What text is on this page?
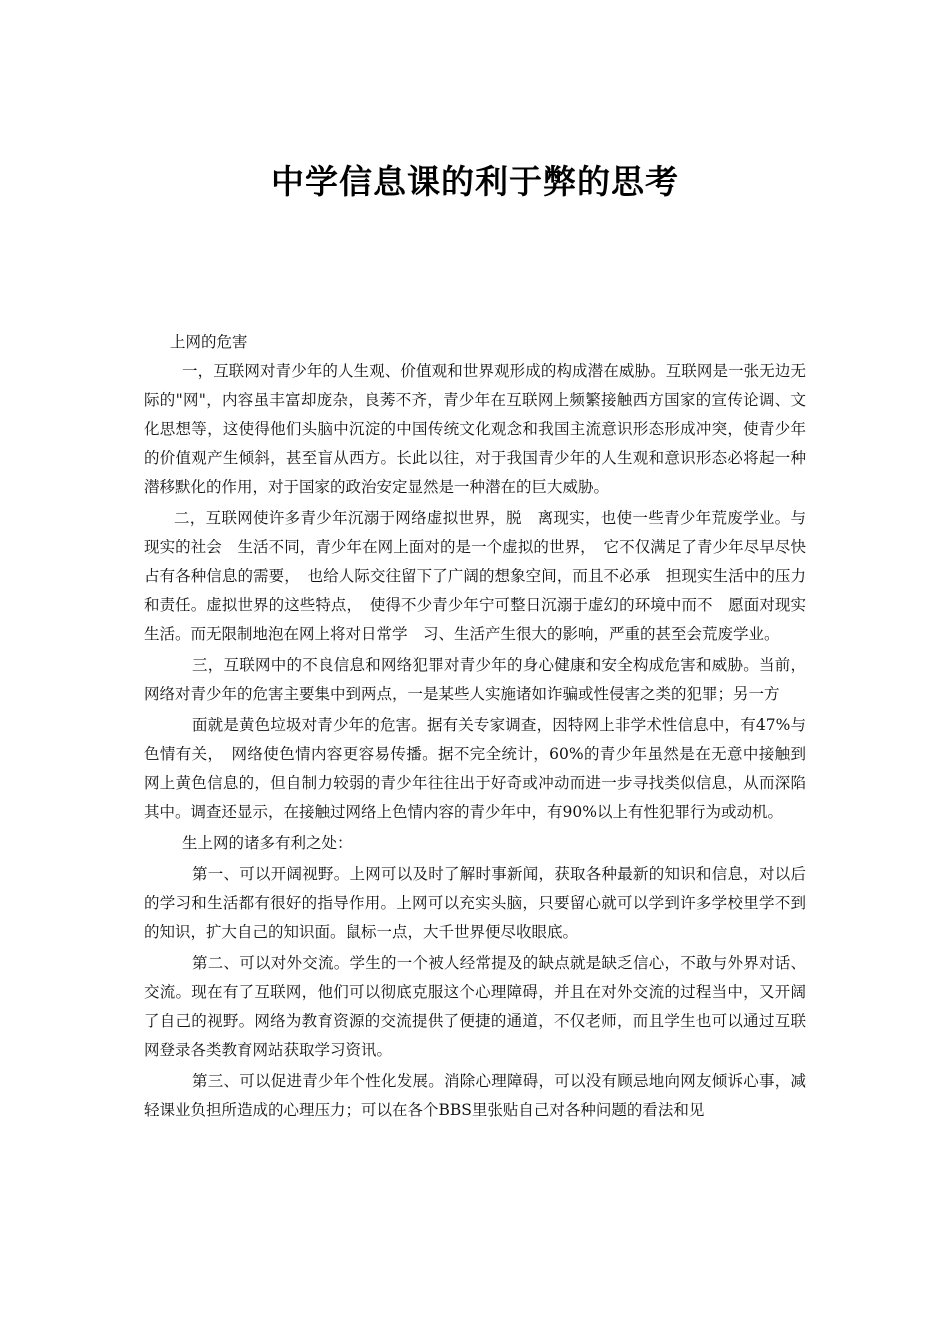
中学信息课的利于弊的思考

上网的危害

一，互联网对青少年的人生观、价值观和世界观形成的构成潜在威胁。互联网是一张无边无际的"网"，内容虽丰富却庞杂，良莠不齐，青少年在互联网上频繁接触西方国家的宣传论调、文化思想等，这使得他们头脑中沉淀的中国传统文化观念和我国主流意识形态形成冲突，使青少年的价值观产生倾斜，甚至盲从西方。长此以往，对于我国青少年的人生观和意识形态必将起一种潜移默化的作用，对于国家的政治安定显然是一种潜在的巨大威胁。

二，互联网使许多青少年沉溺于网络虚拟世界，脱　离现实，也使一些青少年荒废学业。与现实的社会　生活不同，青少年在网上面对的是一个虚拟的世界，　它不仅满足了青少年尽早尽快占有各种信息的需要，　也给人际交往留下了广阔的想象空间，而且不必承　担现实生活中的压力和责任。虚拟世界的这些特点，　使得不少青少年宁可整日沉溺于虚幻的环境中而不　愿面对现实生活。而无限制地泡在网上将对日常学　习、生活产生很大的影响，严重的甚至会荒废学业。

三，互联网中的不良信息和网络犯罪对青少年的身心健康和安全构成危害和威胁。当前，网络对青少年的危害主要集中到两点，一是某些人实施诸如诈骗或性侵害之类的犯罪；另一方

面就是黄色垃圾对青少年的危害。据有关专家调查，因特网上非学术性信息中，有47%与色情有关，　网络使色情内容更容易传播。据不完全统计，60%的青少年虽然是在无意中接触到网上黄色信息的，但自制力较弱的青少年往往出于好奇或冲动而进一步寻找类似信息，从而深陷其中。调查还显示，在接触过网络上色情内容的青少年中，有90%以上有性犯罪行为或动机。

生上网的诸多有利之处：

第一、可以开阔视野。上网可以及时了解时事新闻，获取各种最新的知识和信息，对以后的学习和生活都有很好的指导作用。上网可以充实头脑，只要留心就可以学到许多学校里学不到的知识，扩大自己的知识面。鼠标一点，大千世界便尽收眼底。

第二、可以对外交流。学生的一个被人经常提及的缺点就是缺乏信心，不敢与外界对话、交流。现在有了互联网，他们可以彻底克服这个心理障碍，并且在对外交流的过程当中，又开阔了自己的视野。网络为教育资源的交流提供了便捷的通道，不仅老师，而且学生也可以通过互联网登录各类教育网站获取学习资讯。

第三、可以促进青少年个性化发展。消除心理障碍，可以没有顾忌地向网友倾诉心事，减轻课业负担所造成的心理压力；可以在各个BBS里张贴自己对各种问题的看法和见
